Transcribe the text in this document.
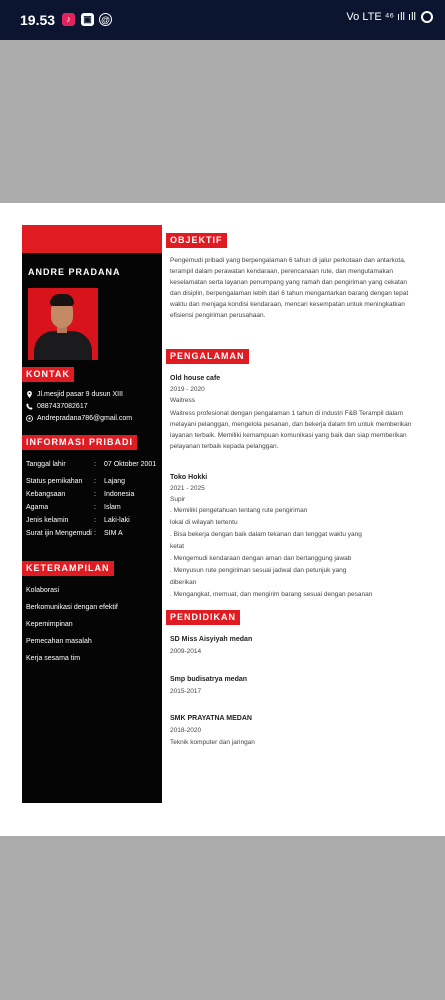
19.53	♪	▣ @	Vo LTE ⁴⁶ ıll ıll
ANDRE PRADANA
KONTAK
Jl.mesjid pasar 9 dusun XIII
0887437082617
Andrepradana786@gmail.com
INFORMASI PRIBADI
Tanggal lahir	:	07 Oktober 2001
Status pernikahan	:	Lajang
Kebangsaan	:	Indonesia
Agama	:	Islam
Jenis kelamin	:	Laki-laki
Surat ijin Mengemudi :	SIM A
KETERAMPILAN
Kolaborasi
Berkomunikasi dengan efektif
Kepemimpinan
Pemecahan masalah
Kerja sesama tim
OBJEKTIF
Pengemudi pribadi yang berpengalaman 6 tahun di jalur perkotaan dan antarkota, terampil dalam perawatan kendaraan, perencanaan rute, dan mengutamakan keselamatan serta layanan penumpang yang ramah dan pengiriman yang cekatan dan disiplin, berpengalaman lebih dari 6 tahun mengantarkan barang dengan tepat waktu dan menjaga kondisi kendaraan, mencari kesempatan untuk meningkatkan efisiensi pengiriman perusahaan.
PENGALAMAN
Old house cafe
2019 - 2020
Waitress
Waitress profesional dengan pengalaman 1 tahun di industri F&B Terampil dalam melayani pelanggan, mengelola pesanan, dan bekerja dalam tim untuk memberikan layanan terbaik. Memiliki kemampuan komunikasi yang baik dan siap memberikan pelayanan terbaik kepada pelanggan.
Toko Hokki
2021 - 2025
Supir
. Memiliki pengetahuan tentang rute pengiriman
lokal di wilayah tertentu
. Bisa bekerja dengan baik dalam tekanan dan tenggat waktu yang
ketat
. Mengemudi kendaraan dengan aman dan bertanggung jawab
. Menyusun rute pengiriman sesuai jadwal dan petunjuk yang
diberikan
. Mengangkat, memuat, dan mengirim barang sesuai dengan pesanan
PENDIDIKAN
SD Miss Aisyiyah medan
2009-2014
Smp budisatrya medan
2015-2017
SMK PRAYATNA MEDAN
2018-2020
Teknik komputer dan jaringan
